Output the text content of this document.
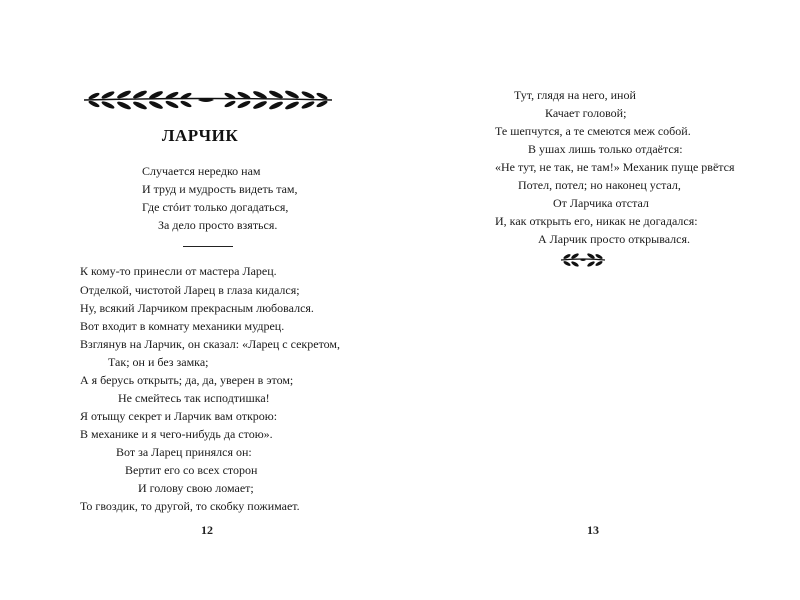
ЛАРЧИК
Случается нередко нам
И труд и мудрость видеть там,
Где стóит только догадаться,
За дело просто взяться.
К кому-то принесли от мастера Ларец.
Отделкой, чистотой Ларец в глаза кидался;
Ну, всякий Ларчиком прекрасным любовался.
Вот входит в комнату механики мудрец.
Взглянув на Ларчик, он сказал: «Ларец с секретом,
Так; он и без замка;
А я берусь открыть; да, да, уверен в этом;
Не смейтесь так исподтишка!
Я отыщу секрет и Ларчик вам открою:
В механике и я чего-нибудь да стою».
Вот за Ларец принялся он:
Вертит его со всех сторон
И голову свою ломает;
То гвоздик, то другой, то скобку пожимает.
12
Тут, глядя на него, иной
Качает головой;
Те шепчутся, а те смеются меж собой.
В ушах лишь только отдаётся:
«Не тут, не так, не там!» Механик пуще рвётся
Потел, потел; но наконец устал,
От Ларчика отстал
И, как открыть его, никак не догадался:
А Ларчик просто открывался.
13
